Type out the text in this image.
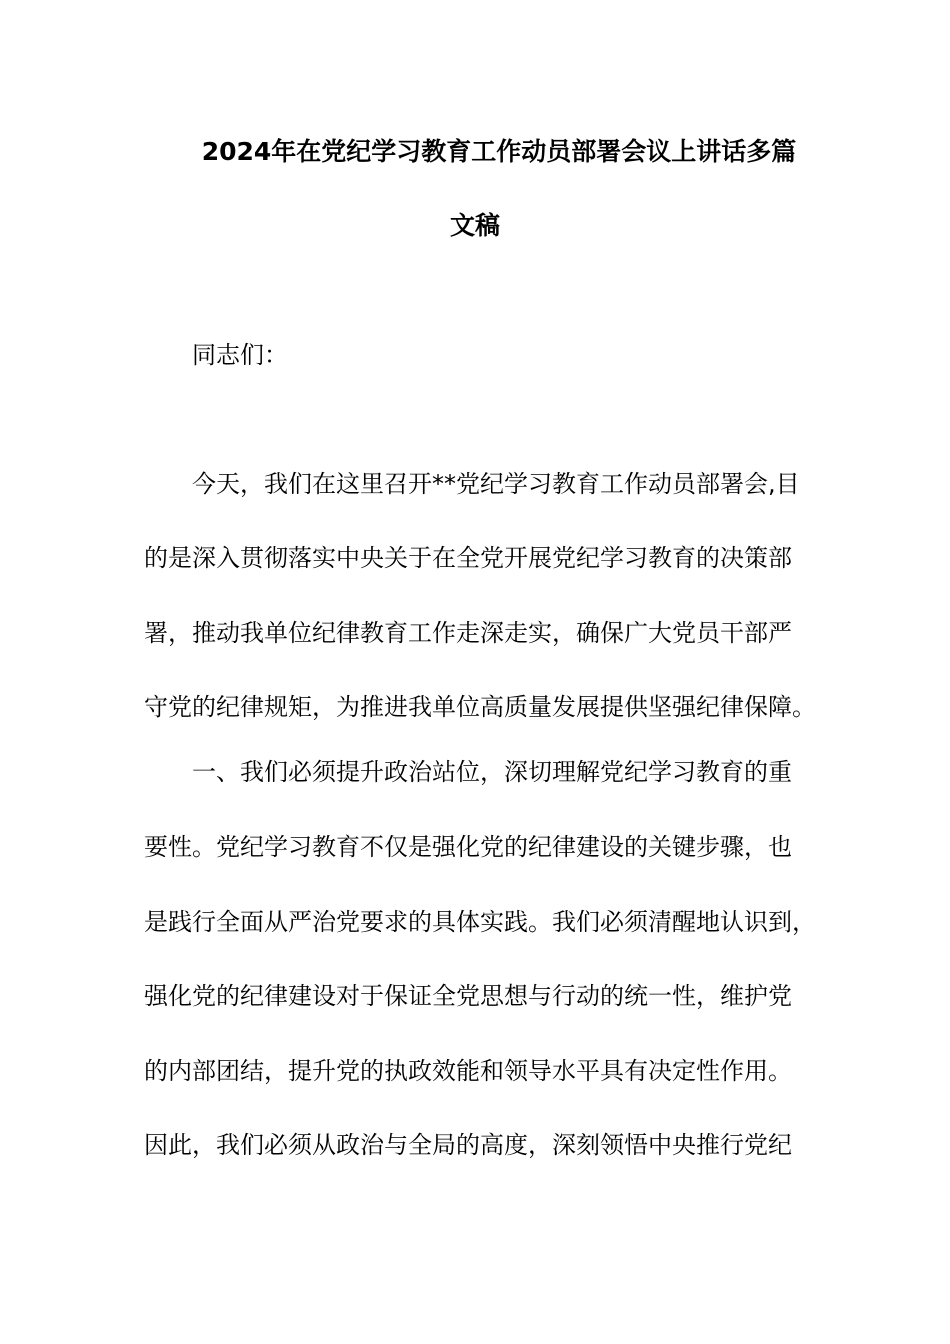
2024年在党纪学习教育工作动员部署会议上讲话多篇
文稿
同志们：
今天，我们在这里召开**党纪学习教育工作动员部署会,目
的是深入贯彻落实中央关于在全党开展党纪学习教育的决策部
署，推动我单位纪律教育工作走深走实，确保广大党员干部严
守党的纪律规矩，为推进我单位高质量发展提供坚强纪律保障。
一、我们必须提升政治站位，深切理解党纪学习教育的重
要性。党纪学习教育不仅是强化党的纪律建设的关键步骤，也
是践行全面从严治党要求的具体实践。我们必须清醒地认识到，
强化党的纪律建设对于保证全党思想与行动的统一性，维护党
的内部团结，提升党的执政效能和领导水平具有决定性作用。
因此，我们必须从政治与全局的高度，深刻领悟中央推行党纪
